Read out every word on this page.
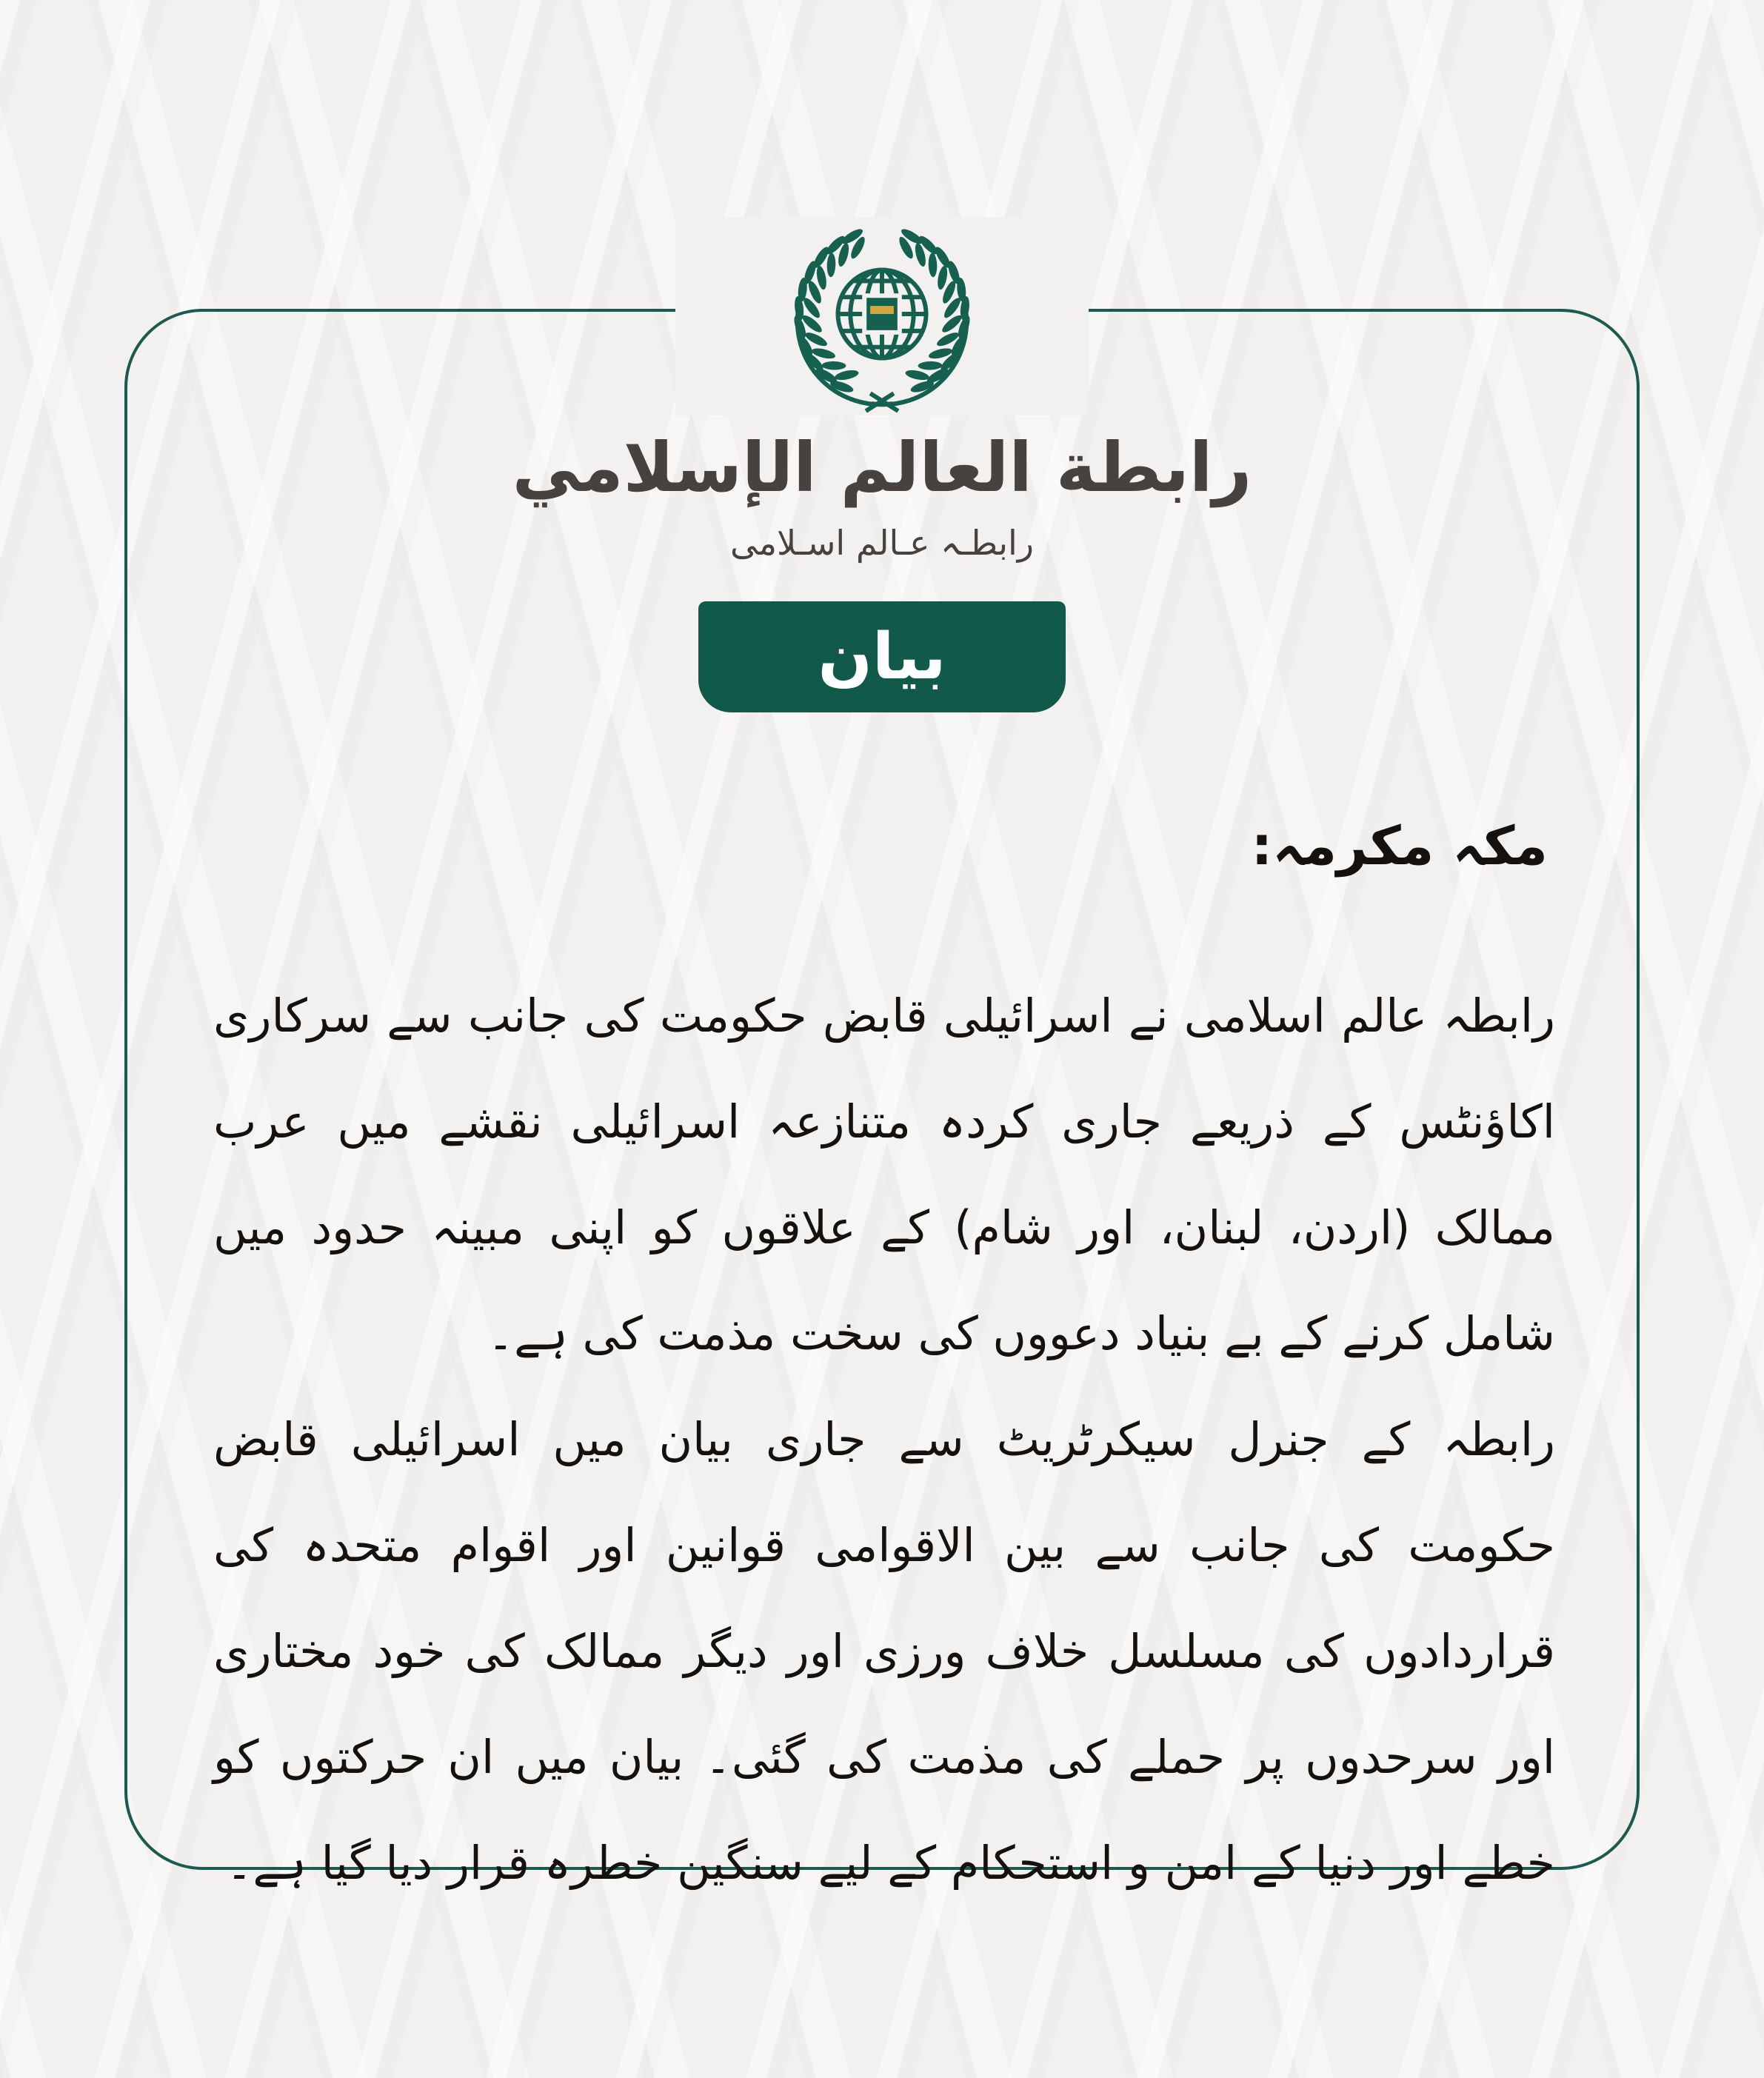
رابطة العالم الإسلامي
رابطـہ عـالم اسـلامی
بیان
مکہ مکرمہ:

رابطہ عالم اسلامی نے اسرائیلی قابض حکومت کی جانب سے سرکاری اکاؤنٹس کے ذریعے جاری کردہ متنازعہ اسرائیلی نقشے میں عرب ممالک (اردن، لبنان، اور شام) کے علاقوں کو اپنی مبینہ حدود میں شامل کرنے کے بے بنیاد دعووں کی سخت مذمت کی ہے۔

رابطہ کے جنرل سیکرٹریٹ سے جاری بیان میں اسرائیلی قابض حکومت کی جانب سے بین الاقوامی قوانین اور اقوام متحدہ کی قراردادوں کی مسلسل خلاف ورزی اور دیگر ممالک کی خود مختاری اور سرحدوں پر حملے کی مذمت کی گئی۔ بیان میں ان حرکتوں کو خطے اور دنیا کے امن و استحکام کے لیے سنگین خطرہ قرار دیا گیا ہے۔
